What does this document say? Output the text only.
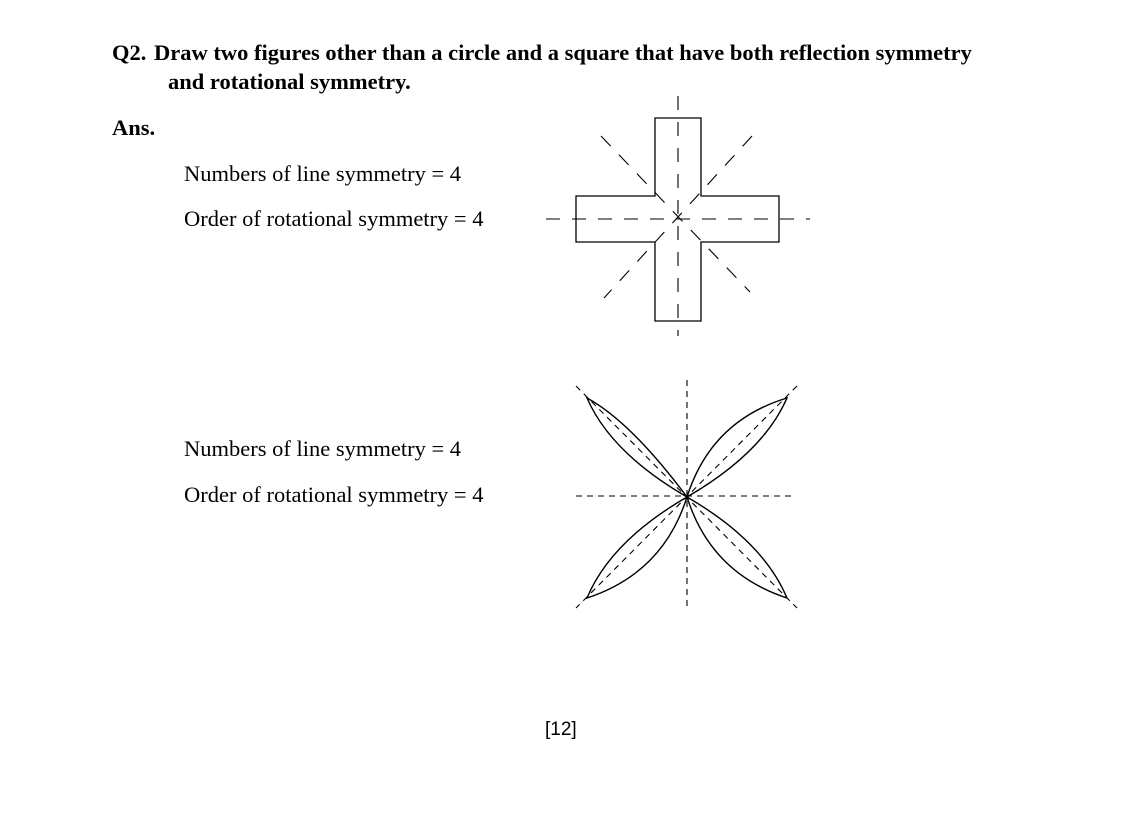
Q2. Draw two figures other than a circle and a square that have both reflection symmetry
and rotational symmetry.
Ans.
Numbers of line symmetry = 4
Order of rotational symmetry = 4
Numbers of line symmetry = 4
Order of rotational symmetry = 4
[12]
